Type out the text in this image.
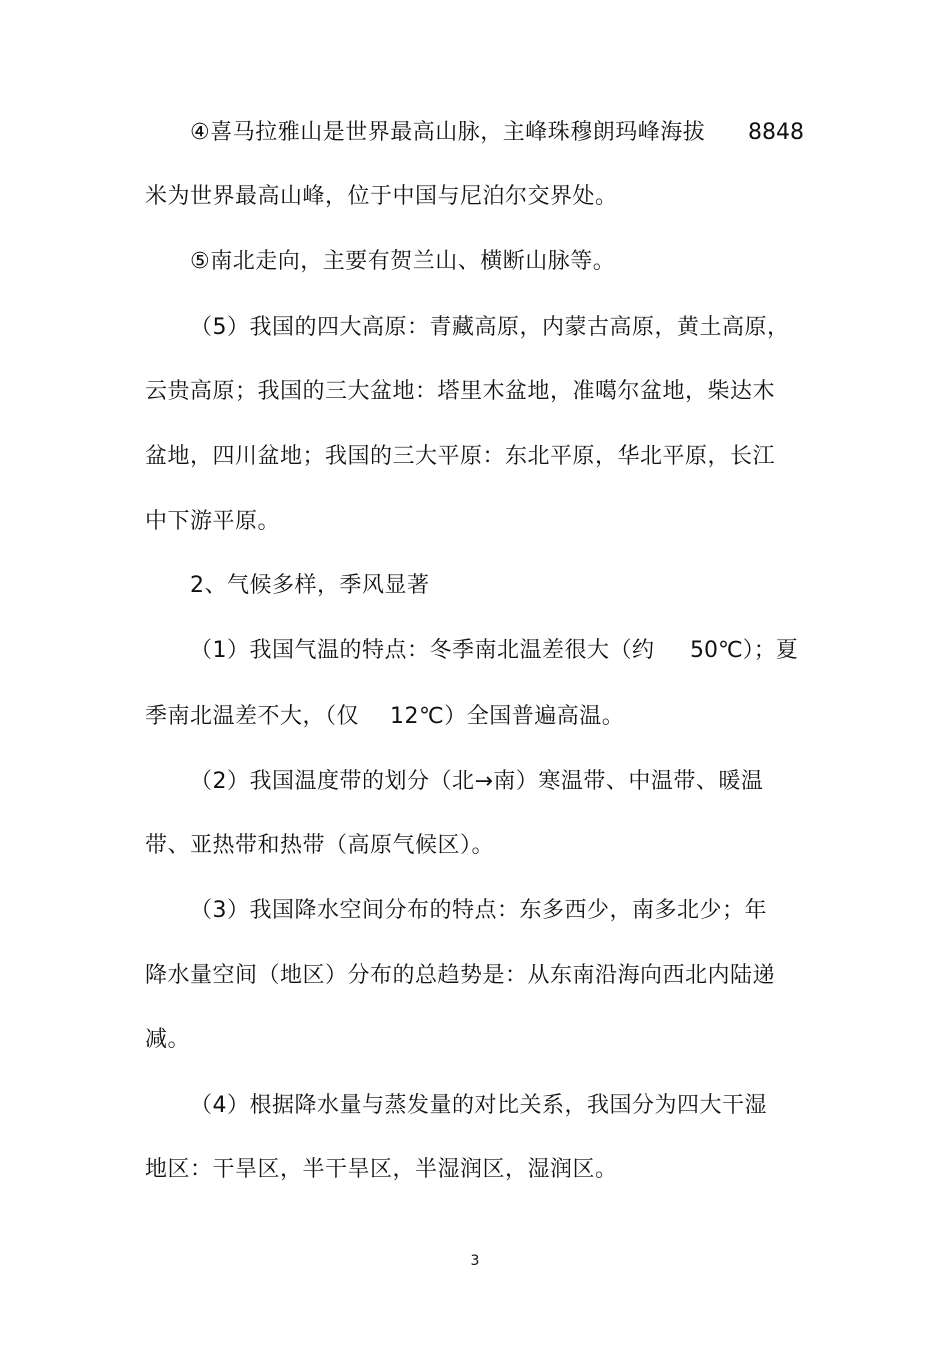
④喜马拉雅山是世界最高山脉，主峰珠穆朗玛峰海拔 8848
米为世界最高山峰，位于中国与尼泊尔交界处。
⑤南北走向，主要有贺兰山、横断山脉等。
（5）我国的四大高原：青藏高原，内蒙古高原，黄土高原，
云贵高原；我国的三大盆地：塔里木盆地，准噶尔盆地，柴达木
盆地，四川盆地；我国的三大平原：东北平原，华北平原，长江
中下游平原。
2、气候多样，季风显著
（1）我国气温的特点：冬季南北温差很大（约 50℃）；夏
季南北温差不大，（仅 12℃）全国普遍高温。
（2）我国温度带的划分（北→南）寒温带、中温带、暖温
带、亚热带和热带（高原气候区）。
（3）我国降水空间分布的特点：东多西少，南多北少；年
降水量空间（地区）分布的总趋势是：从东南沿海向西北内陆递
减。
（4）根据降水量与蒸发量的对比关系，我国分为四大干湿
地区：干旱区，半干旱区，半湿润区，湿润区。
3
